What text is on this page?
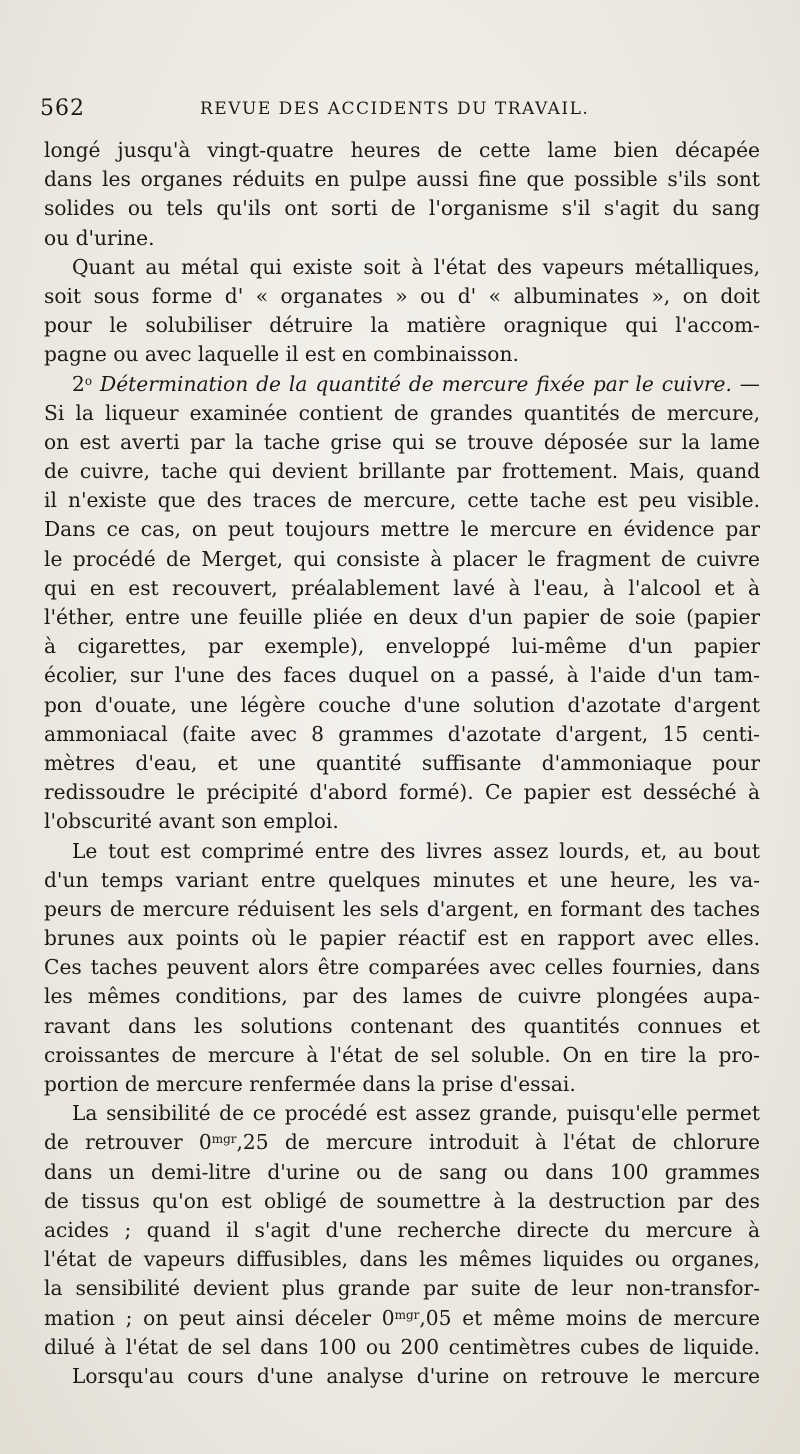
562	REVUE DES ACCIDENTS DU TRAVAIL.
longé jusqu'à vingt-quatre heures de cette lame bien décapée
dans les organes réduits en pulpe aussi fine que possible s'ils sont
solides ou tels qu'ils ont sorti de l'organisme s'il s'agit du sang
ou d'urine.
Quant au métal qui existe soit à l'état des vapeurs métalliques,
soit sous forme d' « organates » ou d' « albuminates », on doit
pour le solubiliser détruire la matière oragnique qui l'accom-
pagne ou avec laquelle il est en combinaisson.
2$^o$ Détermination de la quantité de mercure fixée par le cuivre. —
Si la liqueur examinée contient de grandes quantités de mercure,
on est averti par la tache grise qui se trouve déposée sur la lame
de cuivre, tache qui devient brillante par frottement. Mais, quand
il n'existe que des traces de mercure, cette tache est peu visible.
Dans ce cas, on peut toujours mettre le mercure en évidence par
le procédé de Merget, qui consiste à placer le fragment de cuivre
qui en est recouvert, préalablement lavé à l'eau, à l'alcool et à
l'éther, entre une feuille pliée en deux d'un papier de soie (papier
à cigarettes, par exemple), enveloppé lui-même d'un papier
écolier, sur l'une des faces duquel on a passé, à l'aide d'un tam-
pon d'ouate, une légère couche d'une solution d'azotate d'argent
ammoniacal (faite avec 8 grammes d'azotate d'argent, 15 centi-
mètres d'eau, et une quantité suffisante d'ammoniaque pour
redissoudre le précipité d'abord formé). Ce papier est desséché à
l'obscurité avant son emploi.
Le tout est comprimé entre des livres assez lourds, et, au bout
d'un temps variant entre quelques minutes et une heure, les va-
peurs de mercure réduisent les sels d'argent, en formant des taches
brunes aux points où le papier réactif est en rapport avec elles.
Ces taches peuvent alors être comparées avec celles fournies, dans
les mêmes conditions, par des lames de cuivre plongées aupa-
ravant dans les solutions contenant des quantités connues et
croissantes de mercure à l'état de sel soluble. On en tire la pro-
portion de mercure renfermée dans la prise d'essai.
La sensibilité de ce procédé est assez grande, puisqu'elle permet
de retrouver $0^{mgr},25$ de mercure introduit à l'état de chlorure
dans un demi-litre d'urine ou de sang ou dans 100 grammes
de tissus qu'on est obligé de soumettre à la destruction par des
acides ; quand il s'agit d'une recherche directe du mercure à
l'état de vapeurs diffusibles, dans les mêmes liquides ou organes,
la sensibilité devient plus grande par suite de leur non-transfor-
mation ; on peut ainsi déceler $0^{mgr},05$ et même moins de mercure
dilué à l'état de sel dans 100 ou 200 centimètres cubes de liquide.
Lorsqu'au cours d'une analyse d'urine on retrouve le mercure
